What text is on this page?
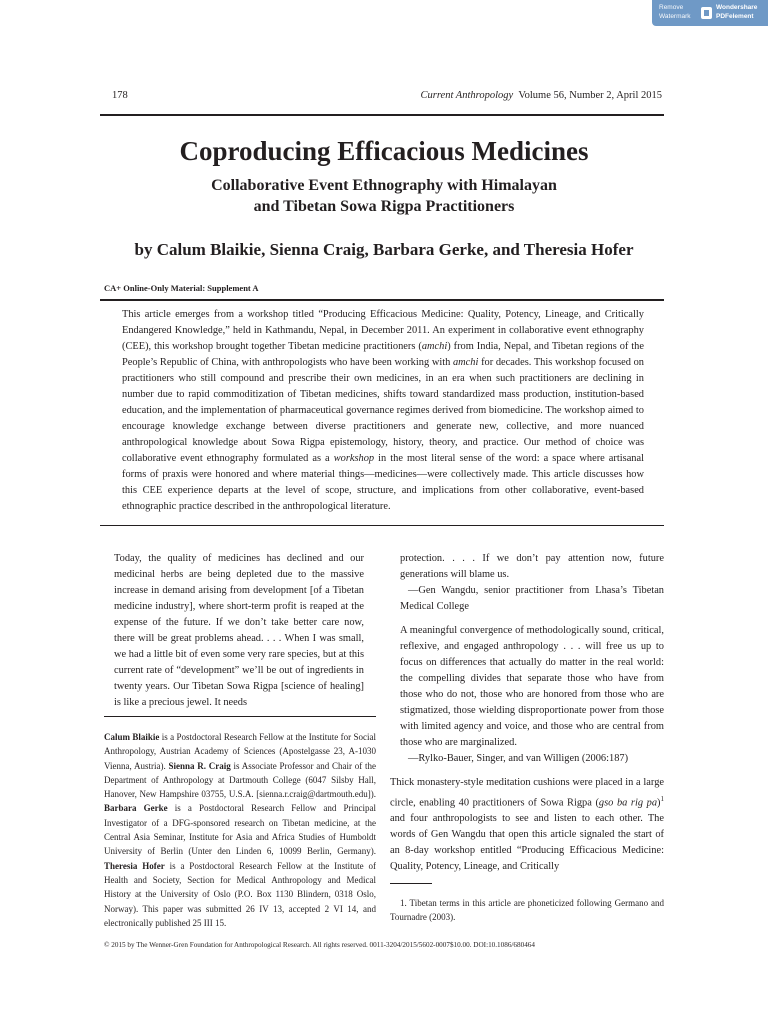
Remove
Watermark
Wondershare
PDFelement
178	Current Anthropology Volume 56, Number 2, April 2015
Coproducing Efficacious Medicines
Collaborative Event Ethnography with Himalayan
and Tibetan Sowa Rigpa Practitioners
by Calum Blaikie, Sienna Craig, Barbara Gerke, and Theresia Hofer
CA+ Online-Only Material: Supplement A
This article emerges from a workshop titled “Producing Efficacious Medicine: Quality, Potency, Lineage, and Critically Endangered Knowledge,” held in Kathmandu, Nepal, in December 2011. An experiment in collaborative event ethnography (CEE), this workshop brought together Tibetan medicine practitioners (amchi) from India, Nepal, and Tibetan regions of the People’s Republic of China, with anthropologists who have been working with amchi for decades. This workshop focused on practitioners who still compound and prescribe their own medicines, in an era when such practitioners are declining in number due to rapid commoditization of Tibetan medicines, shifts toward standardized mass production, institution-based education, and the implementation of pharmaceutical governance regimes derived from biomedicine. The workshop aimed to encourage knowledge exchange between diverse practitioners and generate new, collective, and more nuanced anthropological knowledge about Sowa Rigpa epistemology, history, theory, and practice. Our method of choice was collaborative event ethnography formulated as a workshop in the most literal sense of the word: a space where artisanal forms of praxis were honored and where material things—medicines—were collectively made. This article discusses how this CEE experience departs at the level of scope, structure, and implications from other collaborative, event-based ethnographic practice described in the anthropological literature.

Today, the quality of medicines has declined and our medicinal herbs are being depleted due to the massive increase in demand arising from development [of a Tibetan medicine industry], where short-term profit is reaped at the expense of the future. If we don’t take better care now, there will be great problems ahead. . . . When I was small, we had a little bit of even some very rare species, but at this current rate of “development” we’ll be out of ingredients in twenty years. Our Tibetan Sowa Rigpa [science of healing] is like a precious jewel. It needs

Calum Blaikie is a Postdoctoral Research Fellow at the Institute for Social Anthropology, Austrian Academy of Sciences (Apostelgasse 23, A-1030 Vienna, Austria). Sienna R. Craig is Associate Professor and Chair of the Department of Anthropology at Dartmouth College (6047 Silsby Hall, Hanover, New Hampshire 03755, U.S.A. [sienna.r.craig@dartmouth.edu]). Barbara Gerke is a Postdoctoral Research Fellow and Principal Investigator of a DFG-sponsored research on Tibetan medicine, at the Central Asia Seminar, Institute for Asia and Africa Studies of Humboldt University of Berlin (Unter den Linden 6, 10099 Berlin, Germany). Theresia Hofer is a Postdoctoral Research Fellow at the Institute of Health and Society, Section for Medical Anthropology and Medical History at the University of Oslo (P.O. Box 1130 Blindern, 0318 Oslo, Norway). This paper was submitted 26 IV 13, accepted 2 VI 14, and electronically published 25 III 15.

protection. . . . If we don’t pay attention now, future generations will blame us.

—Gen Wangdu, senior practitioner from Lhasa’s Tibetan Medical College

A meaningful convergence of methodologically sound, critical, reflexive, and engaged anthropology . . . will free us up to focus on differences that actually do matter in the real world: the compelling divides that separate those who have from those who do not, those who are honored from those who are stigmatized, those wielding disproportionate power from those with limited agency and voice, and those who are central from those who are marginalized.

—Rylko-Bauer, Singer, and van Willigen (2006:187)

Thick monastery-style meditation cushions were placed in a large circle, enabling 40 practitioners of Sowa Rigpa (gso ba rig pa)$^1$ and four anthropologists to see and listen to each other. The words of Gen Wangdu that open this article signaled the start of an 8-day workshop entitled “Producing Efficacious Medicine: Quality, Potency, Lineage, and Critically

1. Tibetan terms in this article are phoneticized following Germano and Tournadre (2003).
© 2015 by The Wenner-Gren Foundation for Anthropological Research. All rights reserved. 0011-3204/2015/5602-0007$10.00. DOI:10.1086/680464
